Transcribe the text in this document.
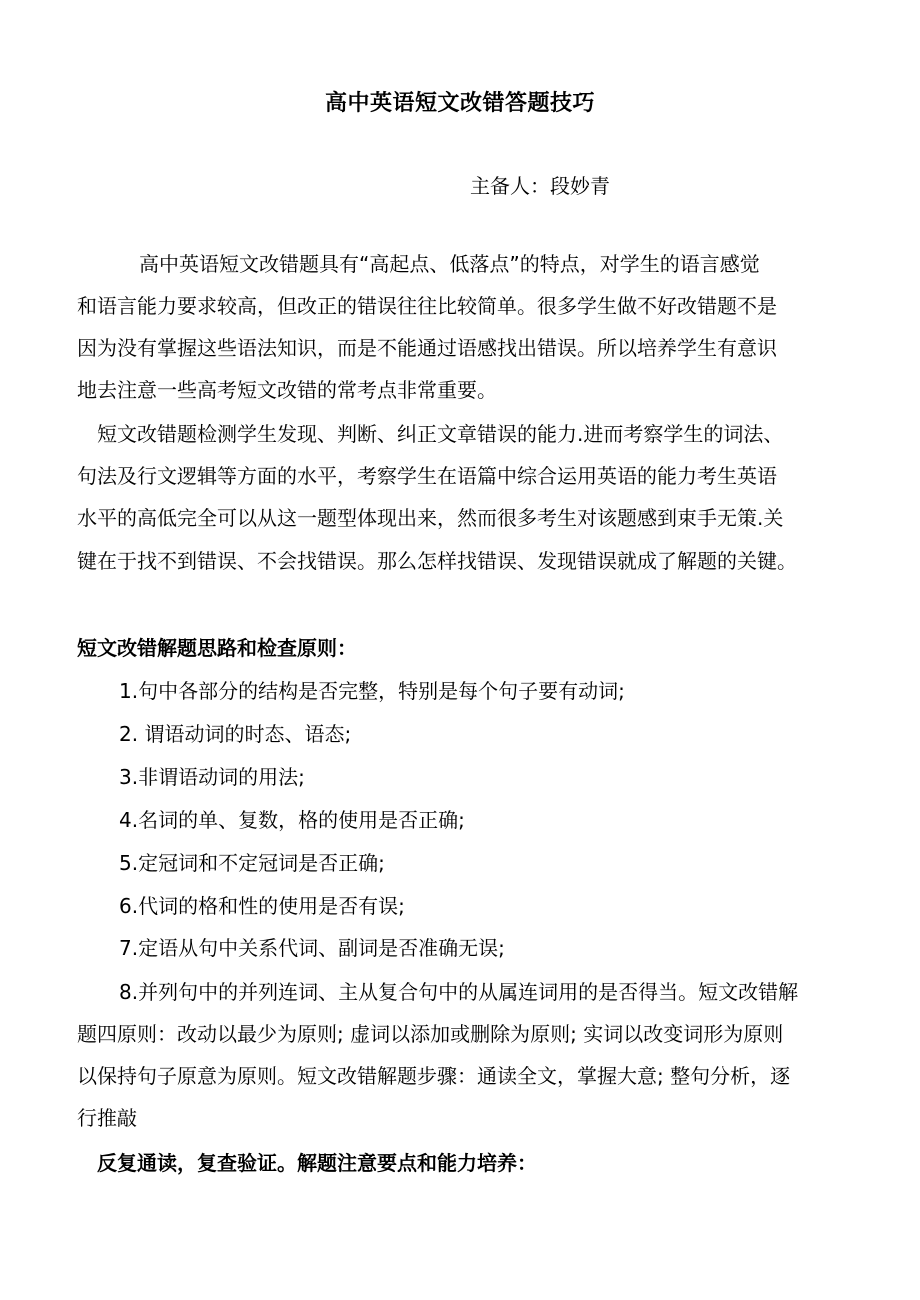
高中英语短文改错答题技巧
主备人：段妙青
高中英语短文改错题具有“高起点、低落点”的特点，对学生的语言感觉
和语言能力要求较高，但改正的错误往往比较简单。很多学生做不好改错题不是
因为没有掌握这些语法知识，而是不能通过语感找出错误。所以培养学生有意识
地去注意一些高考短文改错的常考点非常重要。
短文改错题检测学生发现、判断、纠正文章错误的能力.进而考察学生的词法、
句法及行文逻辑等方面的水平，考察学生在语篇中综合运用英语的能力考生英语
水平的高低完全可以从这一题型体现出来，然而很多考生对该题感到束手无策.关
键在于找不到错误、不会找错误。那么怎样找错误、发现错误就成了解题的关键。
短文改错解题思路和检查原则：
1.句中各部分的结构是否完整，特别是每个句子要有动词;
2. 谓语动词的时态、语态;
3.非谓语动词的用法;
4.名词的单、复数，格的使用是否正确;
5.定冠词和不定冠词是否正确;
6.代词的格和性的使用是否有误;
7.定语从句中关系代词、副词是否准确无误;
8.并列句中的并列连词、主从复合句中的从属连词用的是否得当。短文改错解
题四原则：改动以最少为原则; 虚词以添加或删除为原则; 实词以改变词形为原则
以保持句子原意为原则。短文改错解题步骤：通读全文，掌握大意; 整句分析，逐
行推敲
反复通读，复查验证。解题注意要点和能力培养：
